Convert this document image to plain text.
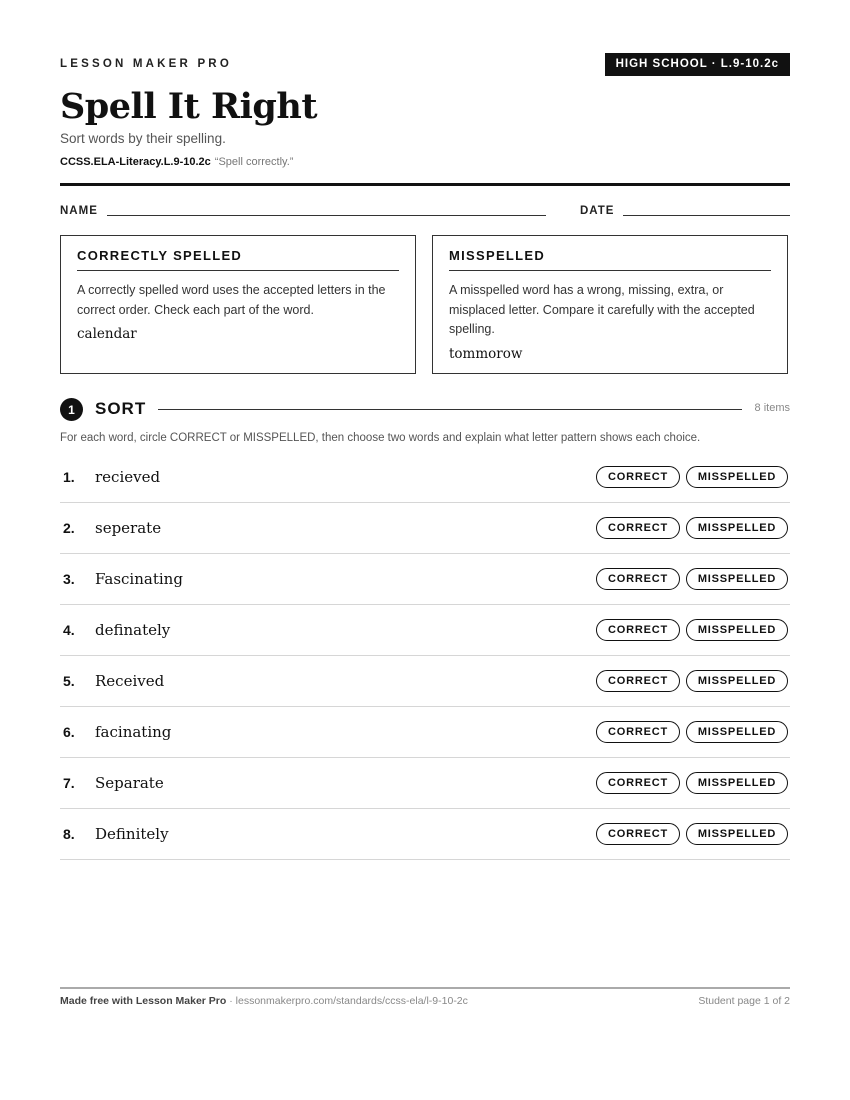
LESSON MAKER PRO	HIGH SCHOOL · L.9-10.2c
Spell It Right
Sort words by their spelling.
CCSS.ELA-Literacy.L.9-10.2c “Spell correctly.”
NAME	DATE
CORRECTLY SPELLED
A correctly spelled word uses the accepted letters in the correct order. Check each part of the word.
calendar
MISSPELLED
A misspelled word has a wrong, missing, extra, or misplaced letter. Compare it carefully with the accepted spelling.
tommorow
1	SORT	8 items
For each word, circle CORRECT or MISSPELLED, then choose two words and explain what letter pattern shows each choice.
1. recieved	CORRECT	MISSPELLED
2. seperate	CORRECT	MISSPELLED
3. Fascinating	CORRECT	MISSPELLED
4. definately	CORRECT	MISSPELLED
5. Received	CORRECT	MISSPELLED
6. facinating	CORRECT	MISSPELLED
7. Separate	CORRECT	MISSPELLED
8. Definitely	CORRECT	MISSPELLED
Made free with Lesson Maker Pro · lessonmakerpro.com/standards/ccss-ela/l-9-10-2c	Student page 1 of 2
